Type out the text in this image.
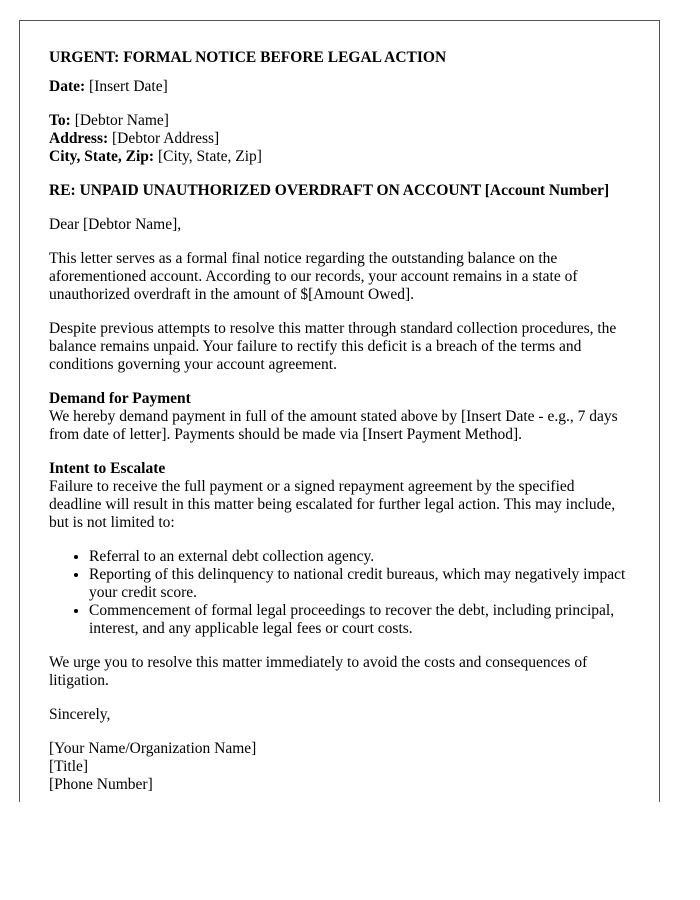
URGENT: FORMAL NOTICE BEFORE LEGAL ACTION

Date: [Insert Date]

To: [Debtor Name]

Address: [Debtor Address]

City, State, Zip: [City, State, Zip]

RE: UNPAID UNAUTHORIZED OVERDRAFT ON ACCOUNT [Account Number]

Dear [Debtor Name],

This letter serves as a formal final notice regarding the outstanding balance on the aforementioned account. According to our records, your account remains in a state of unauthorized overdraft in the amount of $[Amount Owed].

Despite previous attempts to resolve this matter through standard collection procedures, the balance remains unpaid. Your failure to rectify this deficit is a breach of the terms and conditions governing your account agreement.

Demand for Payment

We hereby demand payment in full of the amount stated above by [Insert Date - e.g., 7 days from date of letter]. Payments should be made via [Insert Payment Method].

Intent to Escalate

Failure to receive the full payment or a signed repayment agreement by the specified deadline will result in this matter being escalated for further legal action. This may include, but is not limited to:

• Referral to an external debt collection agency.
• Reporting of this delinquency to national credit bureaus, which may negatively impact your credit score.
• Commencement of formal legal proceedings to recover the debt, including principal, interest, and any applicable legal fees or court costs.

We urge you to resolve this matter immediately to avoid the costs and consequences of litigation.

Sincerely,

[Your Name/Organization Name]

[Title]

[Phone Number]
